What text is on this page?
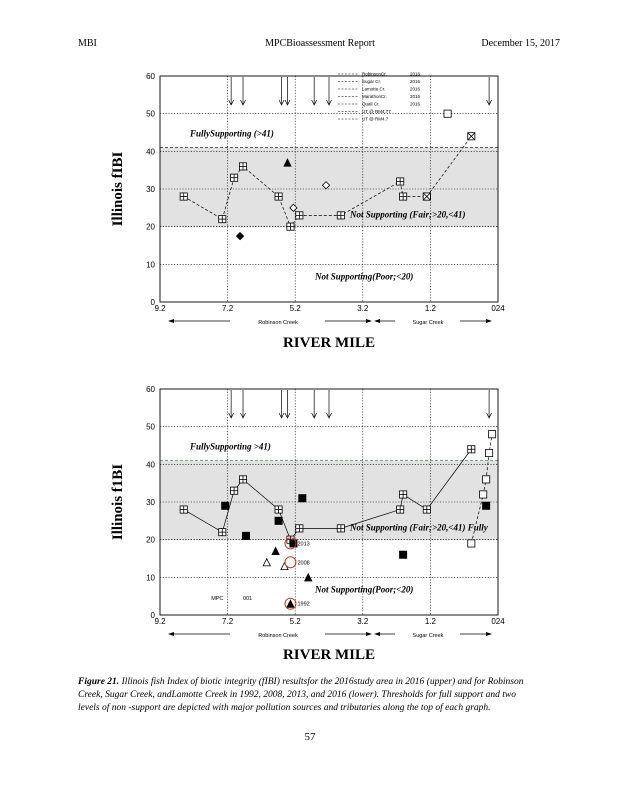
MBI	MPCBioassessment Report	December 15, 2017
9.2	7.2	5.2	3.2	1.2	024
0
10
20
30
40
50
60
Illinois fIBI
RIVER MILE
FullySupporting (>41)
Not Supporting (Fair;>20,<41)
Not Supporting(Poor;<20)
Robinson Creek	Sugar Creek
9.2	7.2	5.2	3.2	1.2	024
0
10
20
30
40
50
60
Illinois f1BI
RIVER MILE
FullySupporting >41)
Not Supporting (Fair;>20,<41) Fully
Not Supporting(Poor;<20)
Robinson Creek	Sugar Creek
2013
2008
1992
MPC	001
RobinsonCr.	2016
Sugar Cr.	2016
Lamotte Cr.	2016
MarathonCr.	2016
Quail Cr.	2016
UT @ RM4.77
UT @ RM4.7
Figure 21. Illinois fish Index of biotic integrity (fIBI) resultsfor the 2016study area in 2016 (upper) and for Robinson Creek, Sugar Creek, andLamotte Creek in 1992, 2008, 2013, and 2016 (lower). Thresholds for full support and two levels of non -support are depicted with major pollution sources and tributaries along the top of each graph.
57
